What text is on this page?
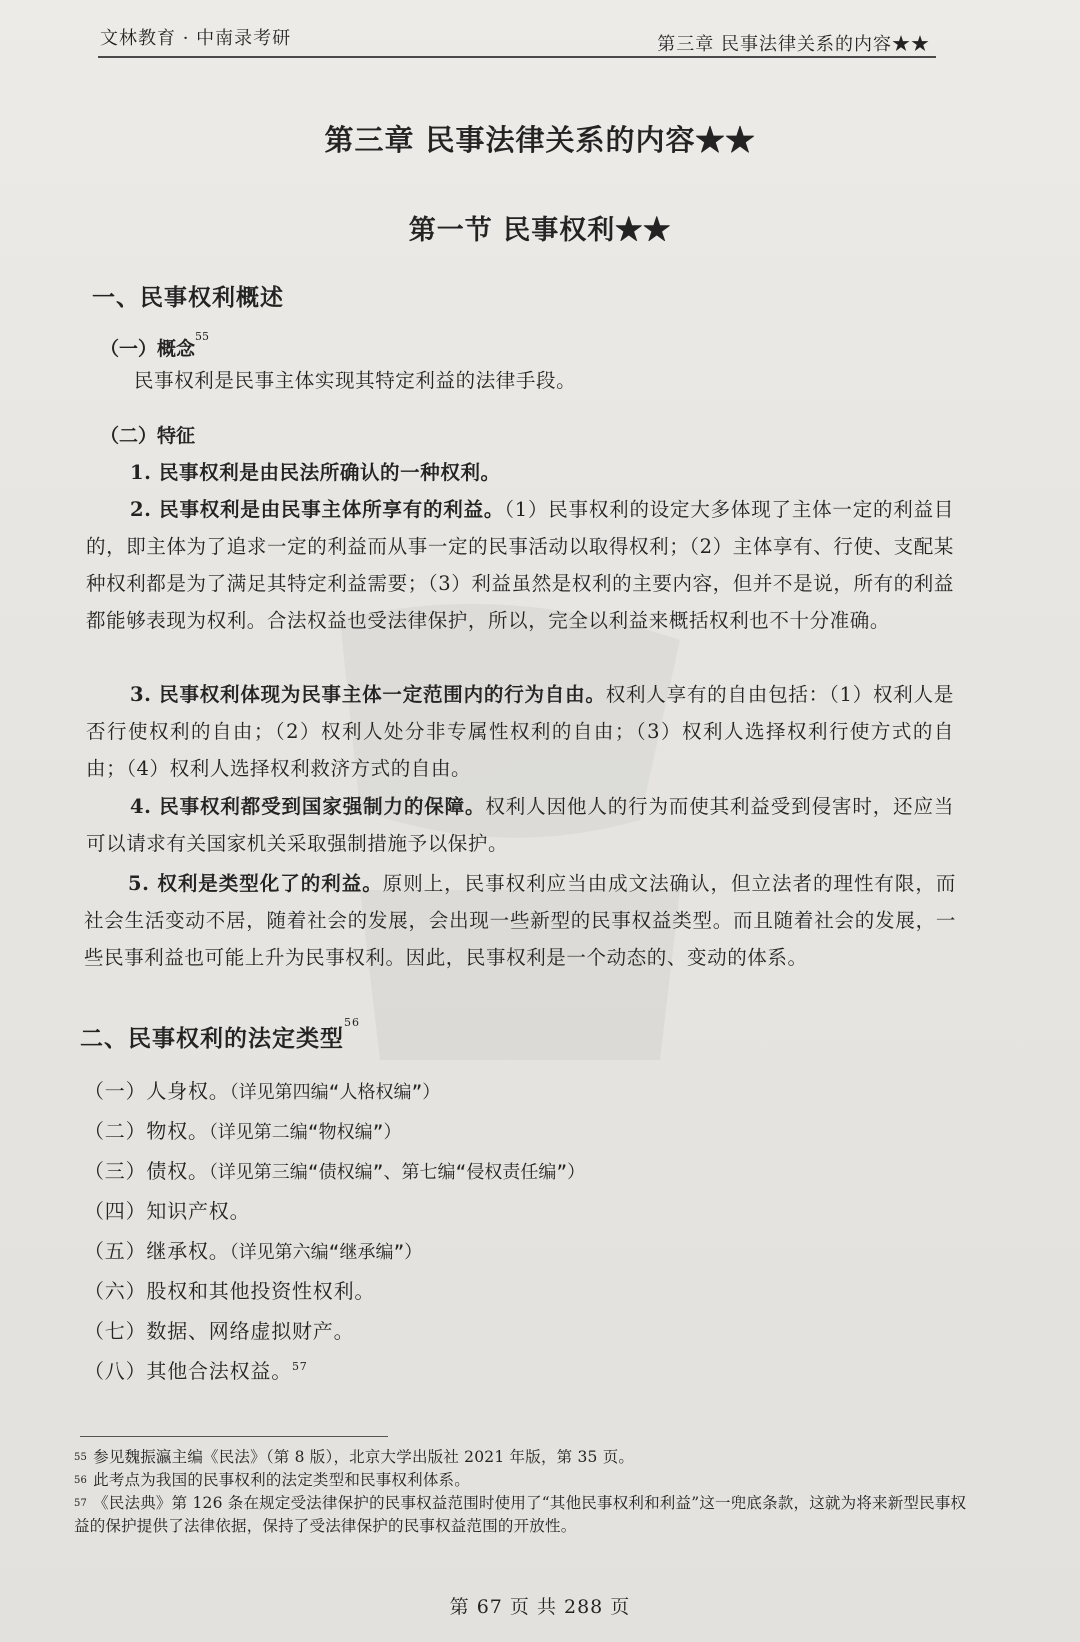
文林教育 · 中南录考研	第三章 民事法律关系的内容★★
第三章 民事法律关系的内容★★
第一节 民事权利★★
一、民事权利概述
（一）概念$^{55}$
民事权利是民事主体实现其特定利益的法律手段。
（二）特征
1. 民事权利是由民法所确认的一种权利。
2. 民事权利是由民事主体所享有的利益。（1）民事权利的设定大多体现了主体一定的利益目的，即主体为了追求一定的利益而从事一定的民事活动以取得权利；（2）主体享有、行使、支配某种权利都是为了满足其特定利益需要；（3）利益虽然是权利的主要内容，但并不是说，所有的利益都能够表现为权利。合法权益也受法律保护，所以，完全以利益来概括权利也不十分准确。
3. 民事权利体现为民事主体一定范围内的行为自由。权利人享有的自由包括：（1）权利人是否行使权利的自由；（2）权利人处分非专属性权利的自由；（3）权利人选择权利行使方式的自由；（4）权利人选择权利救济方式的自由。
4. 民事权利都受到国家强制力的保障。权利人因他人的行为而使其利益受到侵害时，还应当可以请求有关国家机关采取强制措施予以保护。
5. 权利是类型化了的利益。原则上，民事权利应当由成文法确认，但立法者的理性有限，而社会生活变动不居，随着社会的发展，会出现一些新型的民事权益类型。而且随着社会的发展，一些民事利益也可能上升为民事权利。因此，民事权利是一个动态的、变动的体系。
二、民事权利的法定类型$^{56}$
（一）人身权。（详见第四编“人格权编”）
（二）物权。（详见第二编“物权编”）
（三）债权。（详见第三编“债权编”、第七编“侵权责任编”）
（四）知识产权。
（五）继承权。（详见第六编“继承编”）
（六）股权和其他投资性权利。
（七）数据、网络虚拟财产。
（八）其他合法权益。$^{57}$
$^{55}$ 参见魏振瀛主编《民法》（第 8 版），北京大学出版社 2021 年版，第 35 页。
$^{56}$ 此考点为我国的民事权利的法定类型和民事权利体系。
$^{57}$ 《民法典》第 126 条在规定受法律保护的民事权益范围时使用了“其他民事权利和利益”这一兜底条款，这就为将来新型民事权益的保护提供了法律依据，保持了受法律保护的民事权益范围的开放性。
第 67 页 共 288 页
